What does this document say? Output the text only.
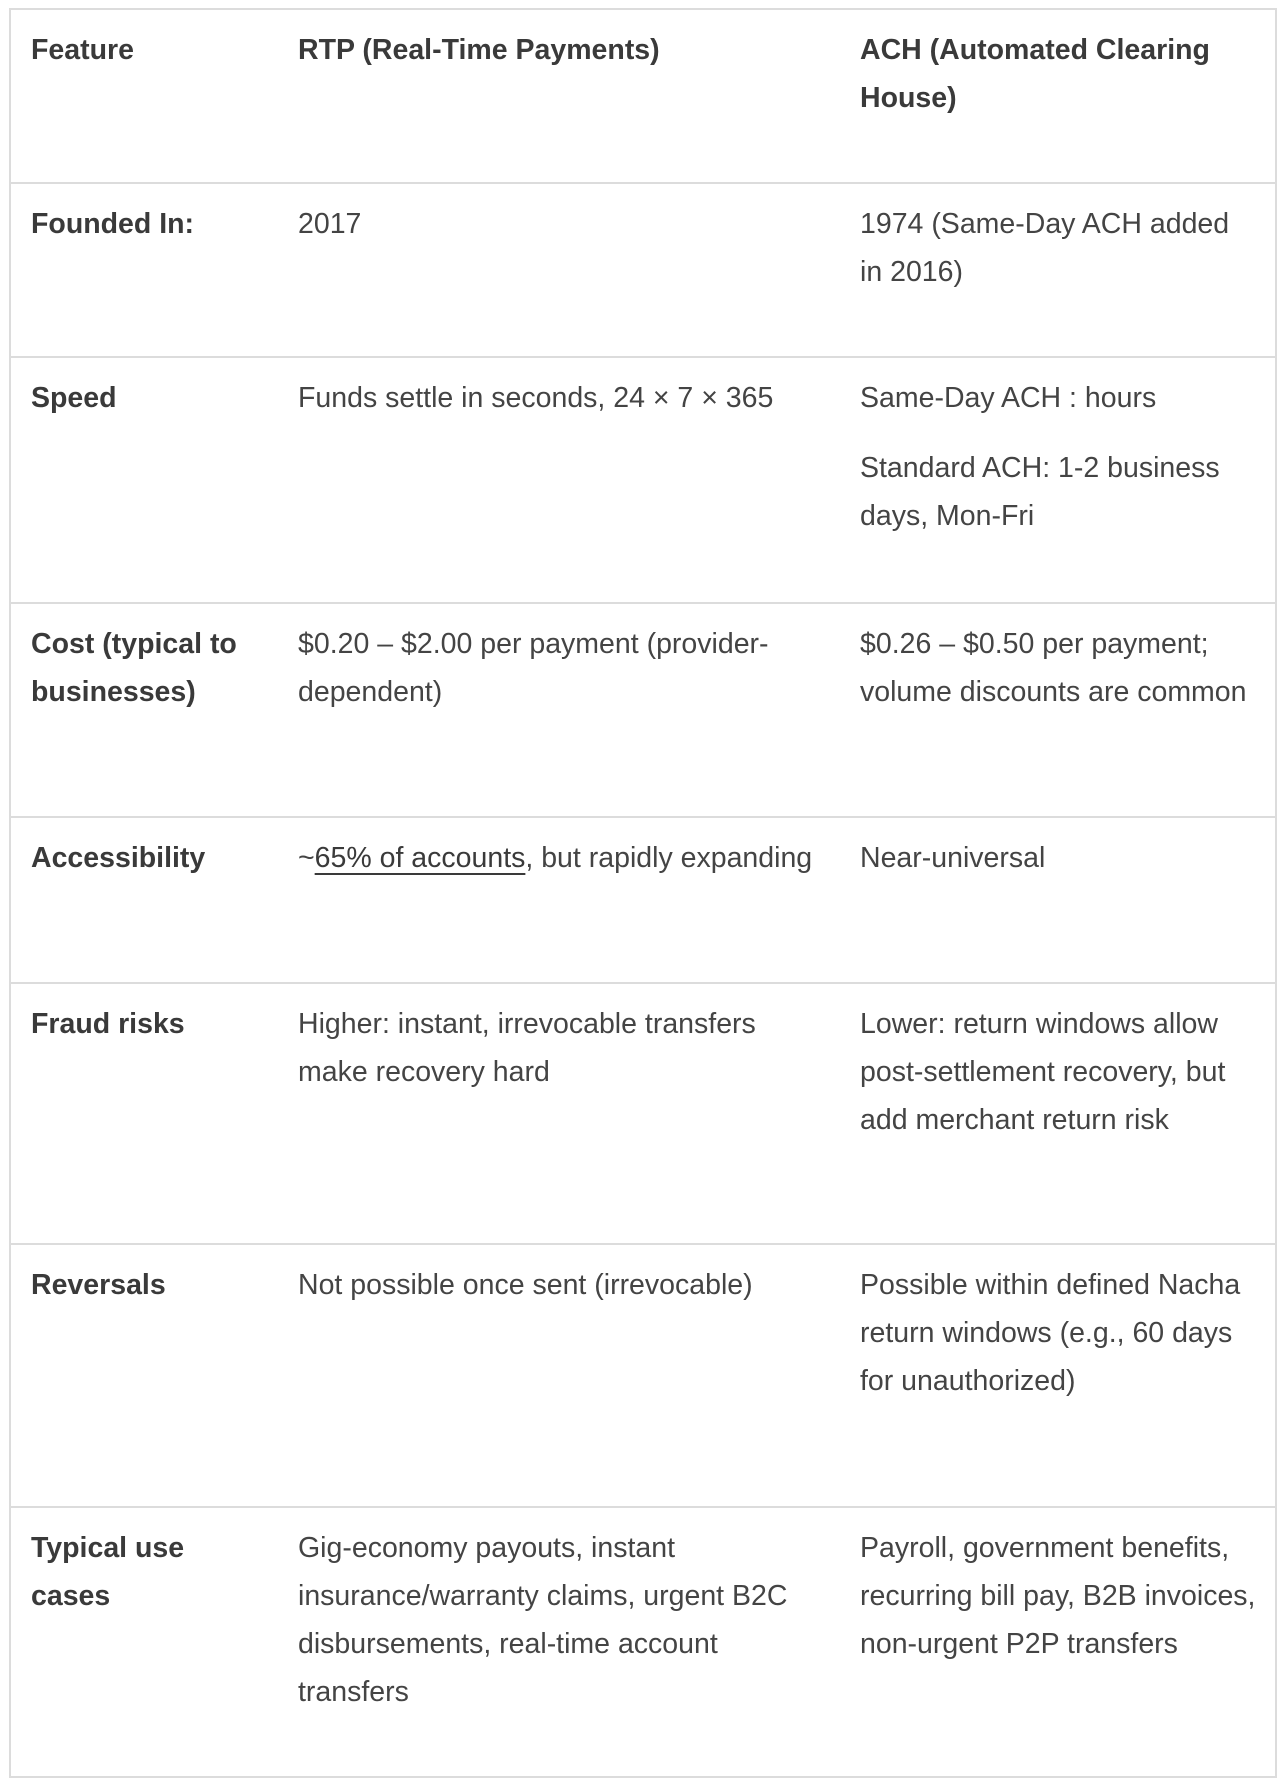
Feature	RTP (Real-Time Payments)	ACH (Automated Clearing House)
Founded In:	2017	1974 (Same-Day ACH added in 2016)

Speed	Funds settle in seconds, 24 × 7 × 365	Same-Day ACH : hours
Standard ACH: 1-2 business days, Mon-Fri

Cost (typical to businesses)	$0.20 – $2.00 per payment (provider-dependent)	$0.26 – $0.50 per payment; volume discounts are common

Accessibility	~65% of accounts, but rapidly expanding	Near-universal

Fraud risks	Higher: instant, irrevocable transfers make recovery hard	Lower: return windows allow post-settlement recovery, but add merchant return risk

Reversals	Not possible once sent (irrevocable)	Possible within defined Nacha return windows (e.g., 60 days for unauthorized)

Typical use cases	Gig-economy payouts, instant insurance/warranty claims, urgent B2C disbursements, real-time account transfers	Payroll, government benefits, recurring bill pay, B2B invoices, non-urgent P2P transfers
